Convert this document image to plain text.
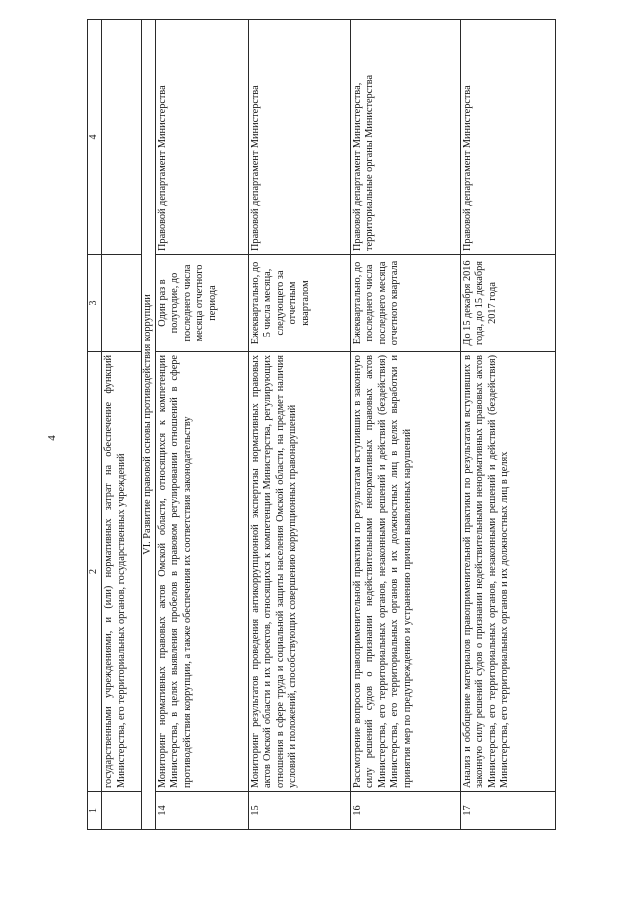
4
1	2	3	4
	государственными учреждениями, и (или) нормативных затрат на обеспечение функций Министерства, его территориальных органов, государственных учреждений		
VI. Развитие правовой основы противодействия коррупции			
14	Мониторинг нормативных правовых актов Омской области, относящихся к компетенции Министерства, в целях выявления пробелов в правовом регулировании отношений в сфере противодействия коррупции, а также обеспечения их соответствия законодательству	Один раз в полугодие, до последнего числа месяца отчетного периода	Правовой департамент Министерства
15	Мониторинг результатов проведения антикоррупционной экспертизы нормативных правовых актов Омской области и их проектов, относящихся к компетенции Министерства, регулирующих отношения в сфере труда и социальной защиты населения Омской области, на предмет наличия условий и положений, способствующих совершению коррупционных правонарушений	Ежеквартально, до 5 числа месяца, следующего за отчетным кварталом	Правовой департамент Министерства
16	Рассмотрение вопросов правоприменительной практики по результатам вступивших в законную силу решений судов о признании недействительными ненормативных правовых актов Министерства, его территориальных органов, незаконными решений и действий (бездействия) Министерства, его территориальных органов и их должностных лиц в целях выработки и принятия мер по предупреждению и устранению причин выявленных нарушений	Ежеквартально, до последнего числа последнего месяца отчетного квартала	Правовой департамент Министерства, территориальные органы Министерства
17	Анализ и обобщение материалов правоприменительной практики по результатам вступивших в законную силу решений судов о признании недействительными ненормативных правовых актов Министерства, его территориальных органов, незаконными решений и действий (бездействия) Министерства, его территориальных органов и их должностных лиц в целях	До 15 декабря 2016 года, до 15 декабря 2017 года	Правовой департамент Министерства
